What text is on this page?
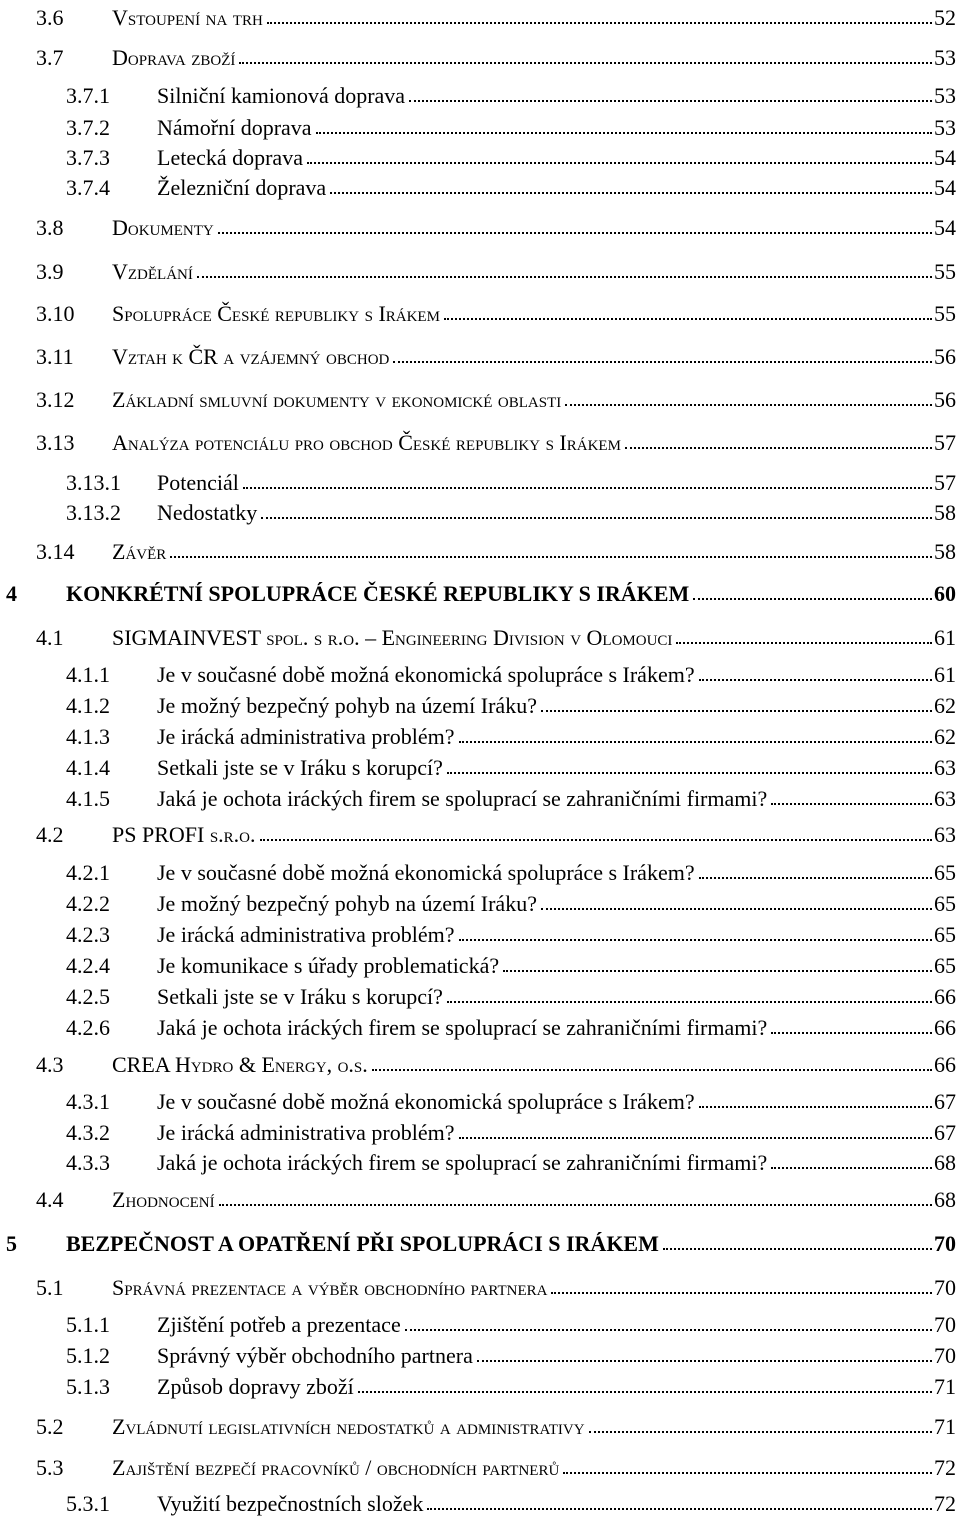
3.6 Vstoupení na trh	52
3.7 Doprava zboží	53
3.7.1 Silniční kamionová doprava	53
3.7.2 Námořní doprava	53
3.7.3 Letecká doprava	54
3.7.4 Železniční doprava	54
3.8 Dokumenty	54
3.9 Vzdělání	55
3.10 Spolupráce České republiky s Irákem	55
3.11 Vztah k ČR a vzájemný obchod	56
3.12 Základní smluvní dokumenty v ekonomické oblasti	56
3.13 Analýza potenciálu pro obchod České republiky s Irákem	57
3.13.1 Potenciál	57
3.13.2 Nedostatky	58
3.14 Závěr	58
4 KONKRÉTNÍ SPOLUPRÁCE ČESKÉ REPUBLIKY S IRÁKEM	60
4.1 SIGMAINVEST spol. s r.o. – Engineering Division v Olomouci	61
4.1.1 Je v současné době možná ekonomická spolupráce s Irákem?	61
4.1.2 Je možný bezpečný pohyb na území Iráku?	62
4.1.3 Je irácká administrativa problém?	62
4.1.4 Setkali jste se v Iráku s korupcí?	63
4.1.5 Jaká je ochota iráckých firem se spoluprací se zahraničními firmami?	63
4.2 PS PROFI s.r.o.	63
4.2.1 Je v současné době možná ekonomická spolupráce s Irákem?	65
4.2.2 Je možný bezpečný pohyb na území Iráku?	65
4.2.3 Je irácká administrativa problém?	65
4.2.4 Je komunikace s úřady problematická?	65
4.2.5 Setkali jste se v Iráku s korupcí?	66
4.2.6 Jaká je ochota iráckých firem se spoluprací se zahraničními firmami?	66
4.3 CREA Hydro & Energy, o.s.	66
4.3.1 Je v současné době možná ekonomická spolupráce s Irákem?	67
4.3.2 Je irácká administrativa problém?	67
4.3.3 Jaká je ochota iráckých firem se spoluprací se zahraničními firmami?	68
4.4 Zhodnocení	68
5 BEZPEČNOST A OPATŘENÍ PŘI SPOLUPRÁCI S IRÁKEM	70
5.1 Správná prezentace a výběr obchodního partnera	70
5.1.1 Zjištění potřeb a prezentace	70
5.1.2 Správný výběr obchodního partnera	70
5.1.3 Způsob dopravy zboží	71
5.2 Zvládnutí legislativních nedostatků a administrativy	71
5.3 Zajištění bezpečí pracovníků / obchodních partnerů	72
5.3.1 Využití bezpečnostních složek	72
